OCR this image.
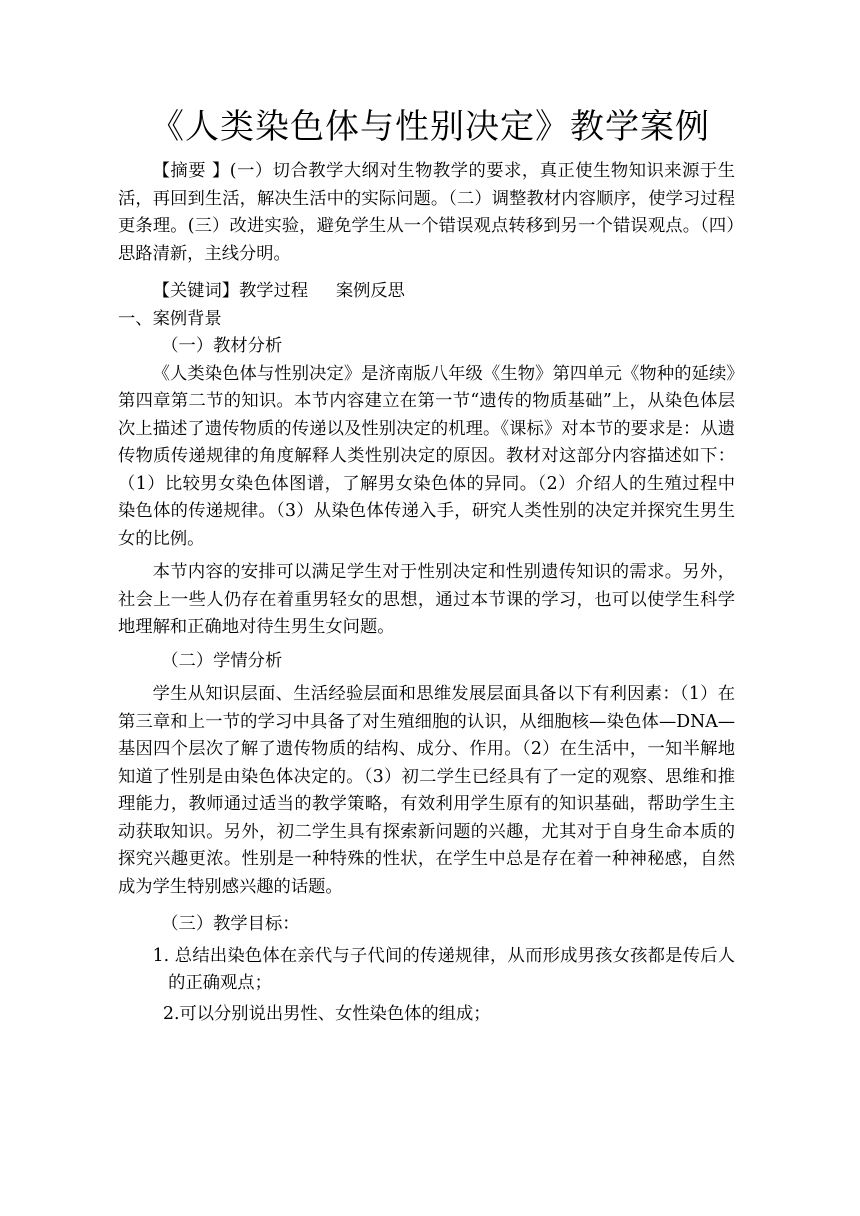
《人类染色体与性别决定》教学案例

【摘要 】(一）切合教学大纲对生物教学的要求，真正使生物知识来源于生活，再回到生活，解决生活中的实际问题。（二）调整教材内容顺序，使学习过程更条理。(三）改进实验，避免学生从一个错误观点转移到另一个错误观点。（四）思路清新，主线分明。

【关键词】教学过程 案例反思

一、案例背景

（一）教材分析

《人类染色体与性别决定》是济南版八年级《生物》第四单元《物种的延续》第四章第二节的知识。本节内容建立在第一节“遗传的物质基础”上，从染色体层次上描述了遗传物质的传递以及性别决定的机理。《课标》对本节的要求是：从遗传物质传递规律的角度解释人类性别决定的原因。教材对这部分内容描述如下：（1）比较男女染色体图谱，了解男女染色体的异同。（2）介绍人的生殖过程中染色体的传递规律。（3）从染色体传递入手，研究人类性别的决定并探究生男生女的比例。

本节内容的安排可以满足学生对于性别决定和性别遗传知识的需求。另外，社会上一些人仍存在着重男轻女的思想，通过本节课的学习，也可以使学生科学地理解和正确地对待生男生女问题。

（二）学情分析

学生从知识层面、生活经验层面和思维发展层面具备以下有利因素：（1）在第三章和上一节的学习中具备了对生殖细胞的认识，从细胞核—染色体—DNA—基因四个层次了解了遗传物质的结构、成分、作用。（2）在生活中，一知半解地知道了性别是由染色体决定的。（3）初二学生已经具有了一定的观察、思维和推理能力，教师通过适当的教学策略，有效利用学生原有的知识基础，帮助学生主动获取知识。另外，初二学生具有探索新问题的兴趣，尤其对于自身生命本质的探究兴趣更浓。性别是一种特殊的性状，在学生中总是存在着一种神秘感，自然成为学生特别感兴趣的话题。

（三）教学目标：

1. 总结出染色体在亲代与子代间的传递规律，从而形成男孩女孩都是传后人的正确观点；

2.可以分别说出男性、女性染色体的组成；
